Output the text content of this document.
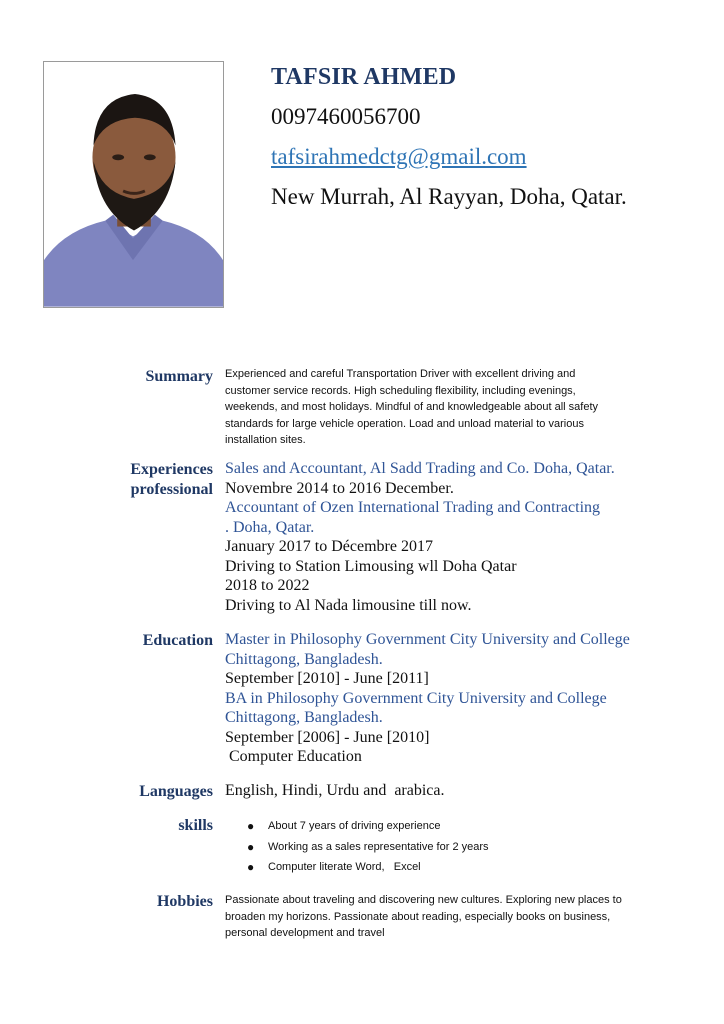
TAFSIR AHMED
0097460056700
tafsirahmedctg@gmail.com
New Murrah, Al Rayyan, Doha, Qatar.
Summary Experienced and careful Transportation Driver with excellent driving and
customer service records. High scheduling flexibility, including evenings,
weekends, and most holidays. Mindful of and knowledgeable about all safety
standards for large vehicle operation. Load and unload material to various
installation sites.
Experiences
professional
Sales and Accountant, Al Sadd Trading and Co. Doha, Qatar.
Novembre 2014 to 2016 December.
Accountant of Ozen International Trading and Contracting
. Doha, Qatar.
January 2017 to Décembre 2017
Driving to Station Limousing wll Doha Qatar
2018 to 2022
Driving to Al Nada limousine till now.
Education Master in Philosophy Government City University and College
Chittagong, Bangladesh.
September [2010] - June [2011]
BA in Philosophy Government City University and College
Chittagong, Bangladesh.
September [2006] - June [2010]
Computer Education
Languages English, Hindi, Urdu and  arabica.
skills	● About 7 years of driving experience
● Working as a sales representative for 2 years
● Computer literate Word,   Excel
Hobbies Passionate about traveling and discovering new cultures. Exploring new places to
broaden my horizons. Passionate about reading, especially books on business,
personal development and travel
